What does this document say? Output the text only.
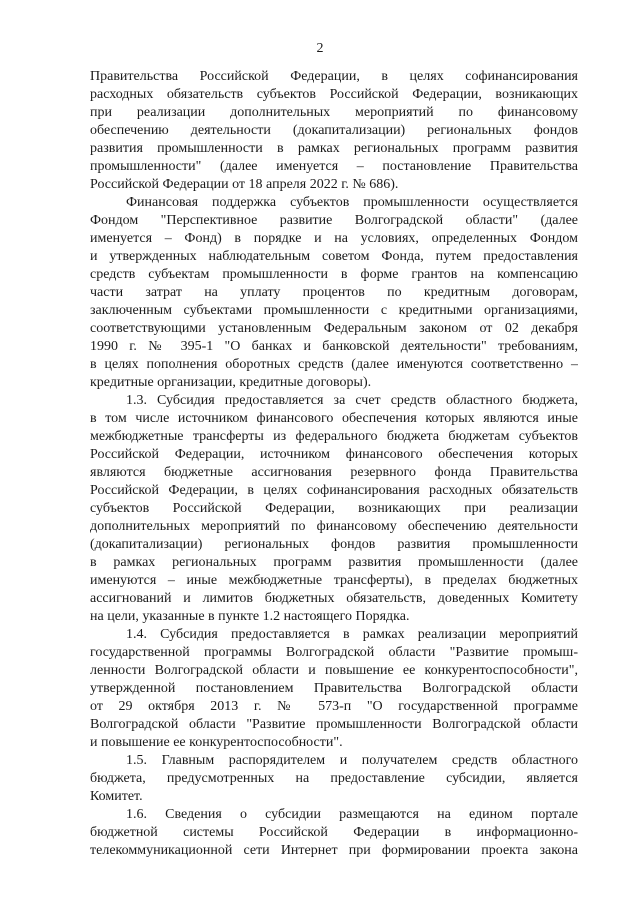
2
Правительства Российской Федерации, в целях софинансирования
расходных обязательств субъектов Российской Федерации, возникающих
при реализации дополнительных мероприятий по финансовому
обеспечению деятельности (докапитализации) региональных фондов
развития промышленности в рамках региональных программ развития
промышленности" (далее именуется – постановление Правительства
Российской Федерации от 18 апреля 2022 г. № 686).
Финансовая поддержка субъектов промышленности осуществляется
Фондом "Перспективное развитие Волгоградской области" (далее
именуется – Фонд) в порядке и на условиях, определенных Фондом
и утвержденных наблюдательным советом Фонда, путем предоставления
средств субъектам промышленности в форме грантов на компенсацию
части затрат на уплату процентов по кредитным договорам,
заключенным субъектами промышленности с кредитными организациями,
соответствующими установленным Федеральным законом от 02 декабря
1990 г. № 395-1 "О банках и банковской деятельности" требованиям,
в целях пополнения оборотных средств (далее именуются соответственно –
кредитные организации, кредитные договоры).
1.3. Субсидия предоставляется за счет средств областного бюджета,
в том числе источником финансового обеспечения которых являются иные
межбюджетные трансферты из федерального бюджета бюджетам субъектов
Российской Федерации, источником финансового обеспечения которых
являются бюджетные ассигнования резервного фонда Правительства
Российской Федерации, в целях софинансирования расходных обязательств
субъектов Российской Федерации, возникающих при реализации
дополнительных мероприятий по финансовому обеспечению деятельности
(докапитализации) региональных фондов развития промышленности
в рамках региональных программ развития промышленности (далее
именуются – иные межбюджетные трансферты), в пределах бюджетных
ассигнований и лимитов бюджетных обязательств, доведенных Комитету
на цели, указанные в пункте 1.2 настоящего Порядка.
1.4. Субсидия предоставляется в рамках реализации мероприятий
государственной программы Волгоградской области "Развитие промыш-
ленности Волгоградской области и повышение ее конкурентоспособности",
утвержденной постановлением Правительства Волгоградской области
от 29 октября 2013 г. № 573-п "О государственной программе
Волгоградской области "Развитие промышленности Волгоградской области
и повышение ее конкурентоспособности".
1.5. Главным распорядителем и получателем средств областного
бюджета, предусмотренных на предоставление субсидии, является
Комитет.
1.6. Сведения о субсидии размещаются на едином портале
бюджетной системы Российской Федерации в информационно-
телекоммуникационной сети Интернет при формировании проекта закона
